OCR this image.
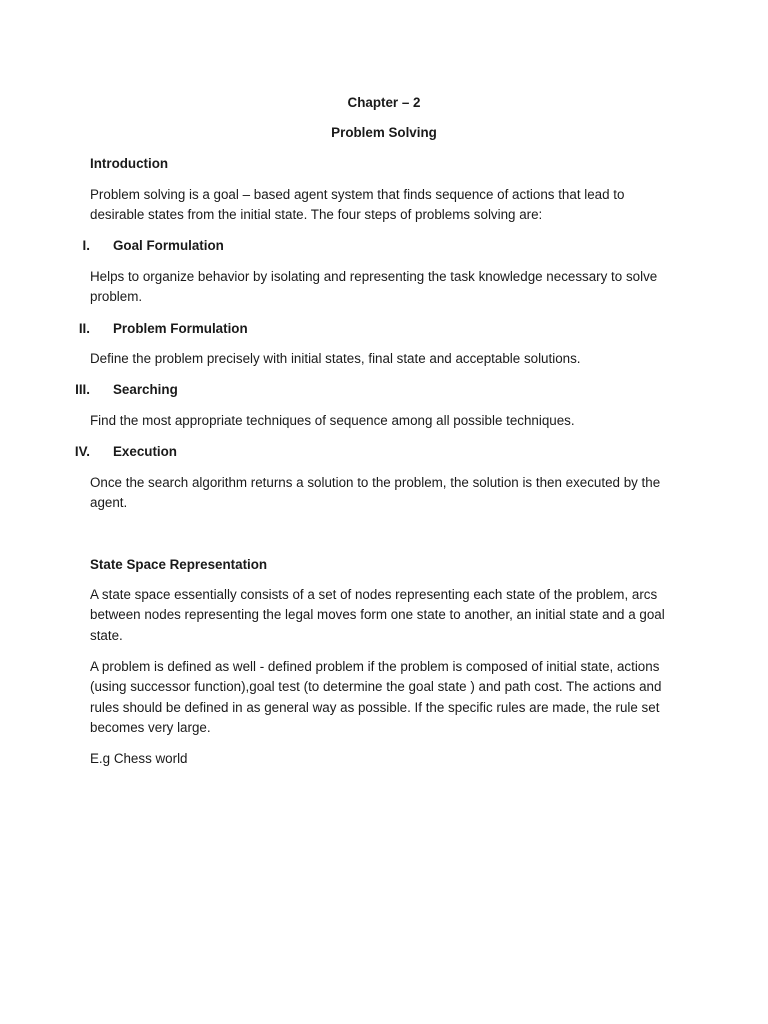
Chapter – 2
Problem Solving
Introduction
Problem solving is a goal – based agent system that finds sequence of actions that lead to desirable states from the initial state. The four steps of problems solving are:
I. Goal Formulation
Helps to organize behavior by isolating and representing the task knowledge necessary to solve problem.
II. Problem Formulation
Define the problem precisely with initial states, final state and acceptable solutions.
III. Searching
Find the most appropriate techniques of sequence among all possible techniques.
IV. Execution
Once the search algorithm returns a solution to the problem, the solution is then executed by the agent.
State Space Representation
A state space essentially consists of a set of nodes representing each state of the problem, arcs between nodes representing the legal moves form one state to another, an initial state and a goal state.
A problem is defined as well - defined problem if the problem is composed of initial state, actions (using successor function),goal test (to determine the goal state ) and path cost. The actions and rules should be defined in as general way as possible. If the specific rules are made, the rule set becomes very large.
E.g Chess world
